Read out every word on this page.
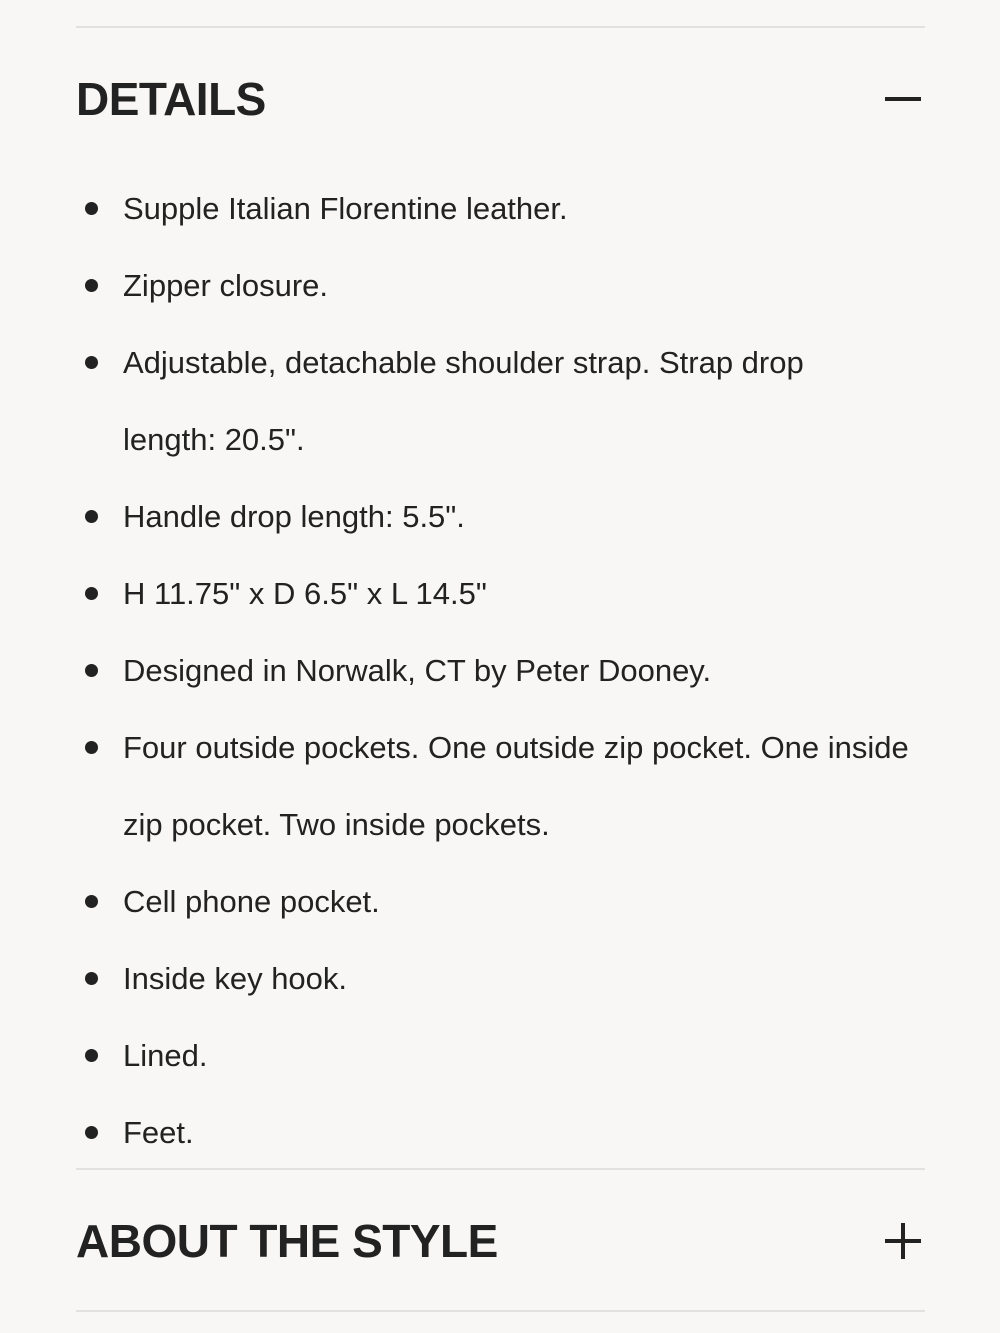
DETAILS
Supple Italian Florentine leather.
Zipper closure.
Adjustable, detachable shoulder strap. Strap drop length: 20.5".
Handle drop length: 5.5".
H 11.75" x D 6.5" x L 14.5"
Designed in Norwalk, CT by Peter Dooney.
Four outside pockets. One outside zip pocket. One inside zip pocket. Two inside pockets.
Cell phone pocket.
Inside key hook.
Lined.
Feet.
ABOUT THE STYLE
